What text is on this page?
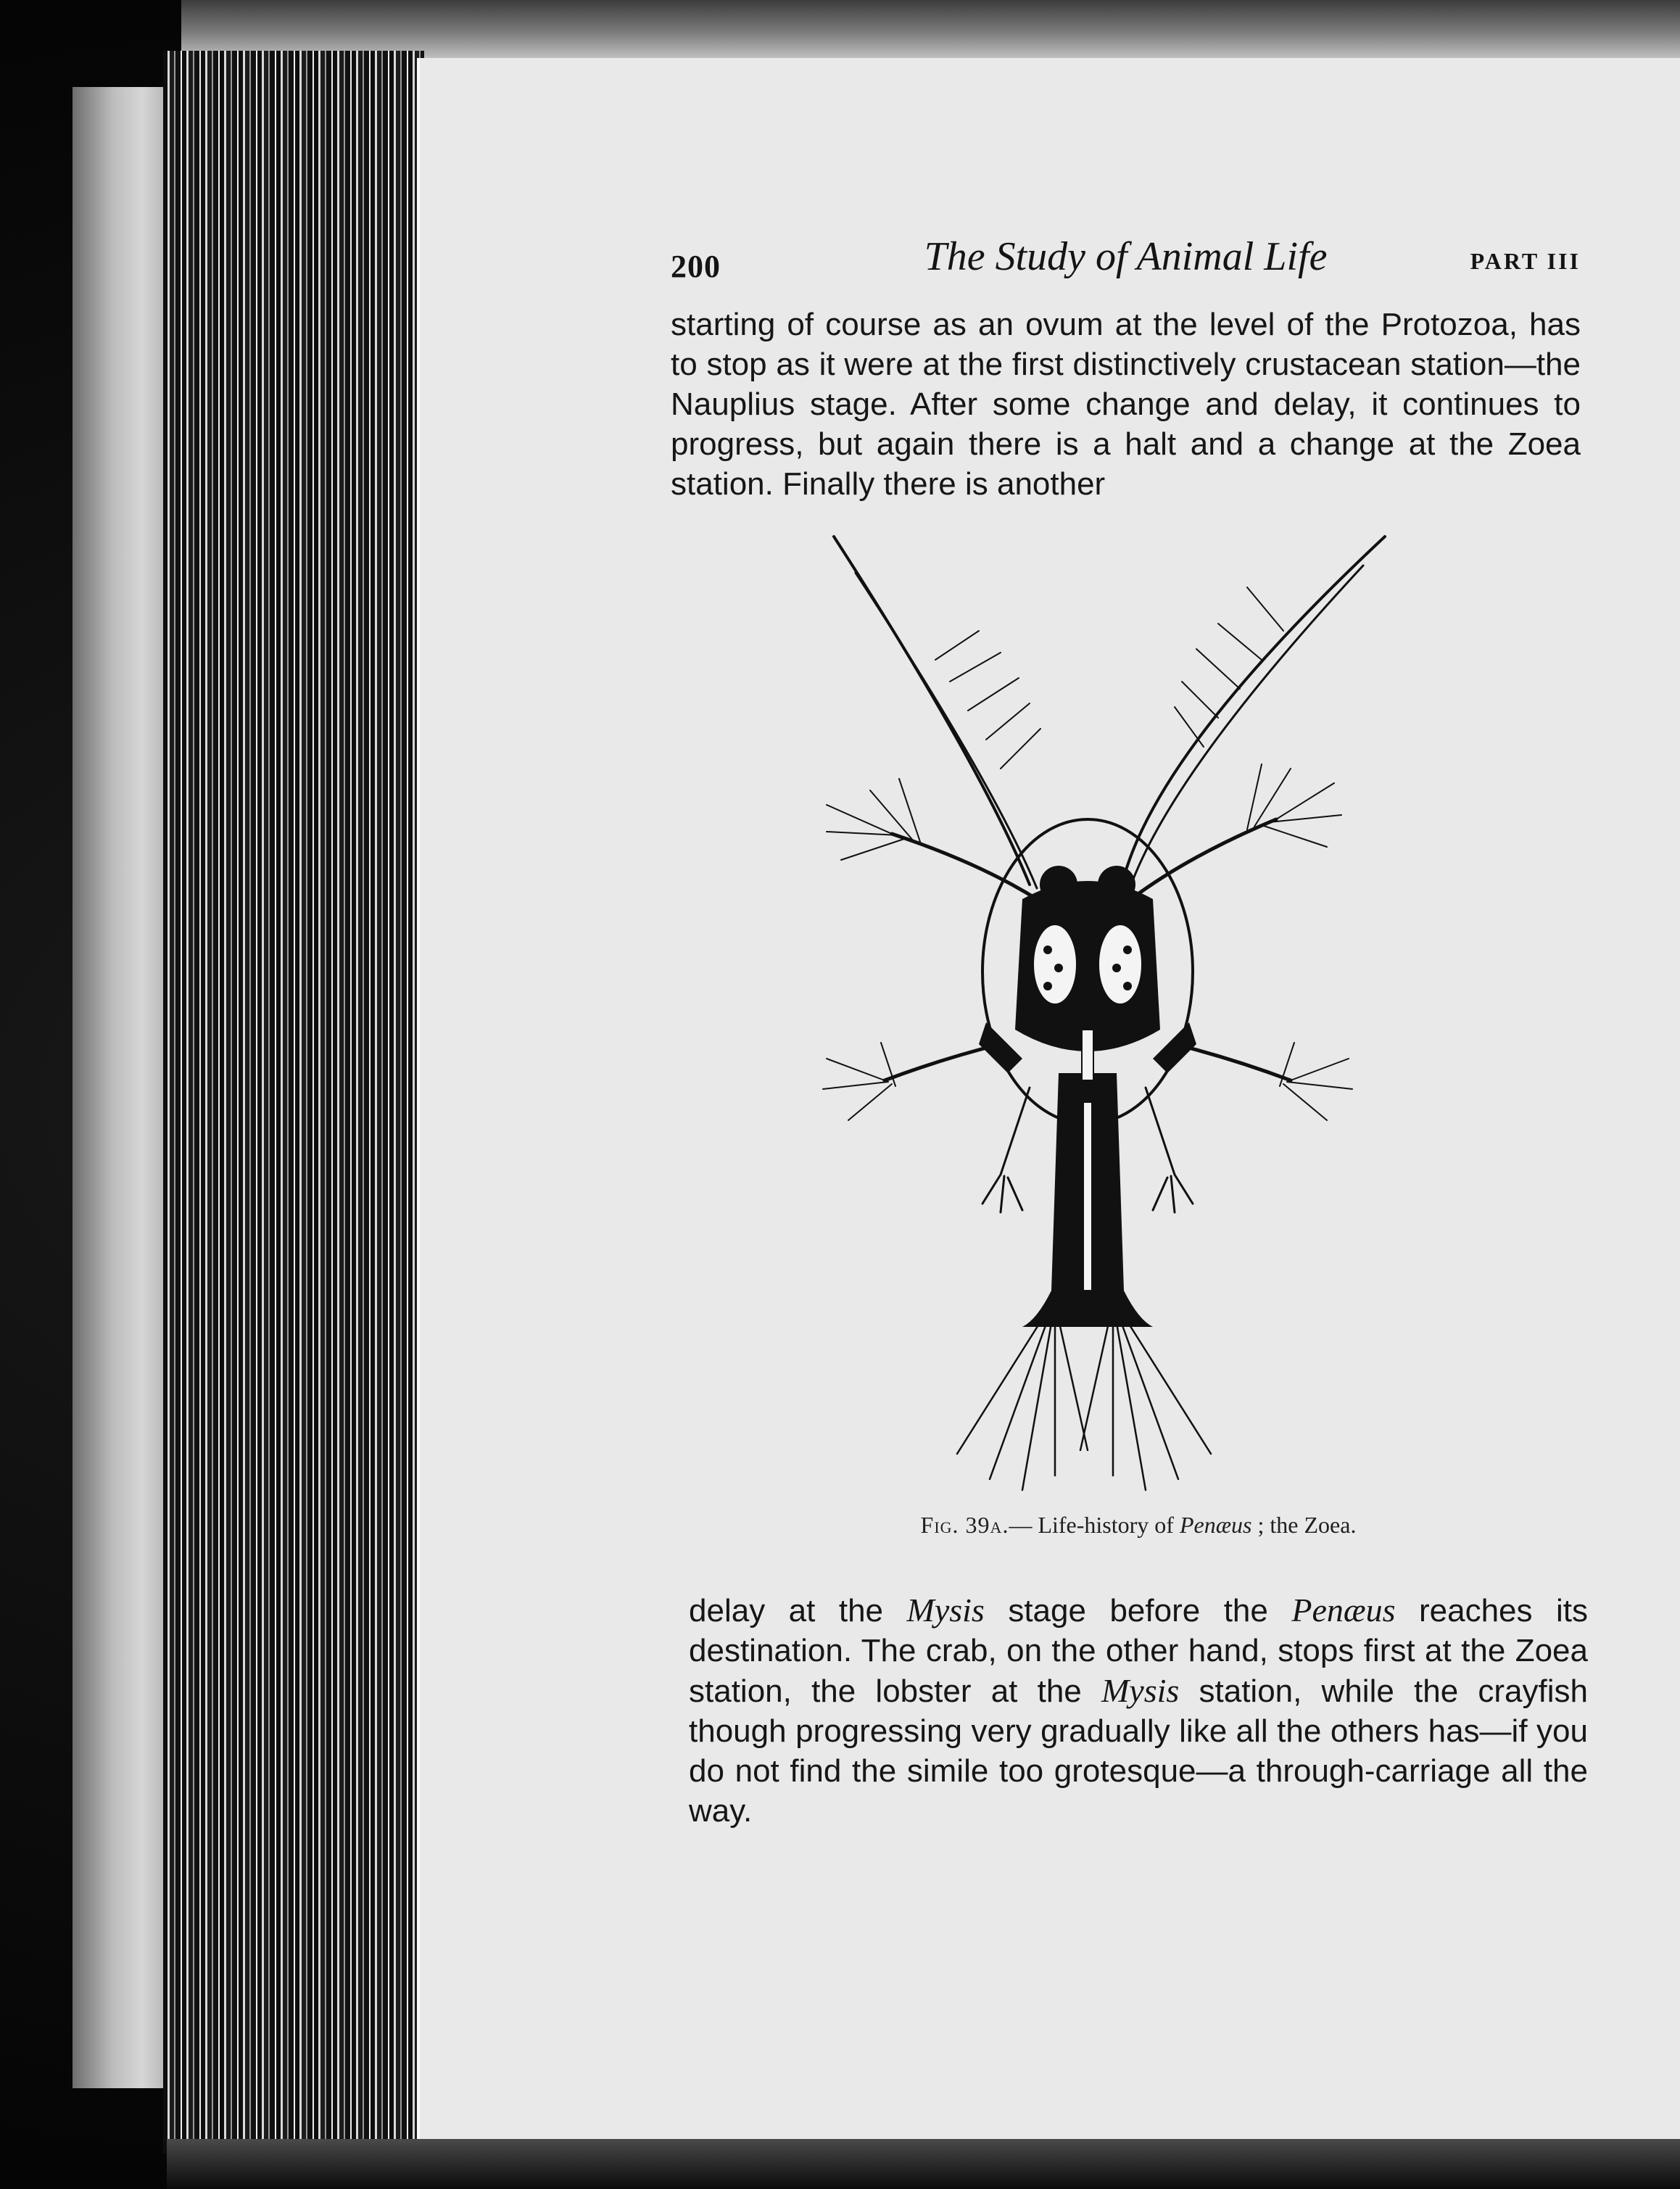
200	The Study of Animal Life	PART III

starting of course as an ovum at the level of the Protozoa, has to stop as it were at the first distinctively crustacean station—the Nauplius stage. After some change and delay, it continues to progress, but again there is a halt and a change at the Zoea station. Finally there is another

Fig. 39a.— Life-history of Penæus ; the Zoea.

delay at the Mysis stage before the Penæus reaches its destination. The crab, on the other hand, stops first at the Zoea station, the lobster at the Mysis station, while the crayfish though progressing very gradually like all the others has—if you do not find the simile too grotesque—a through-carriage all the way.
